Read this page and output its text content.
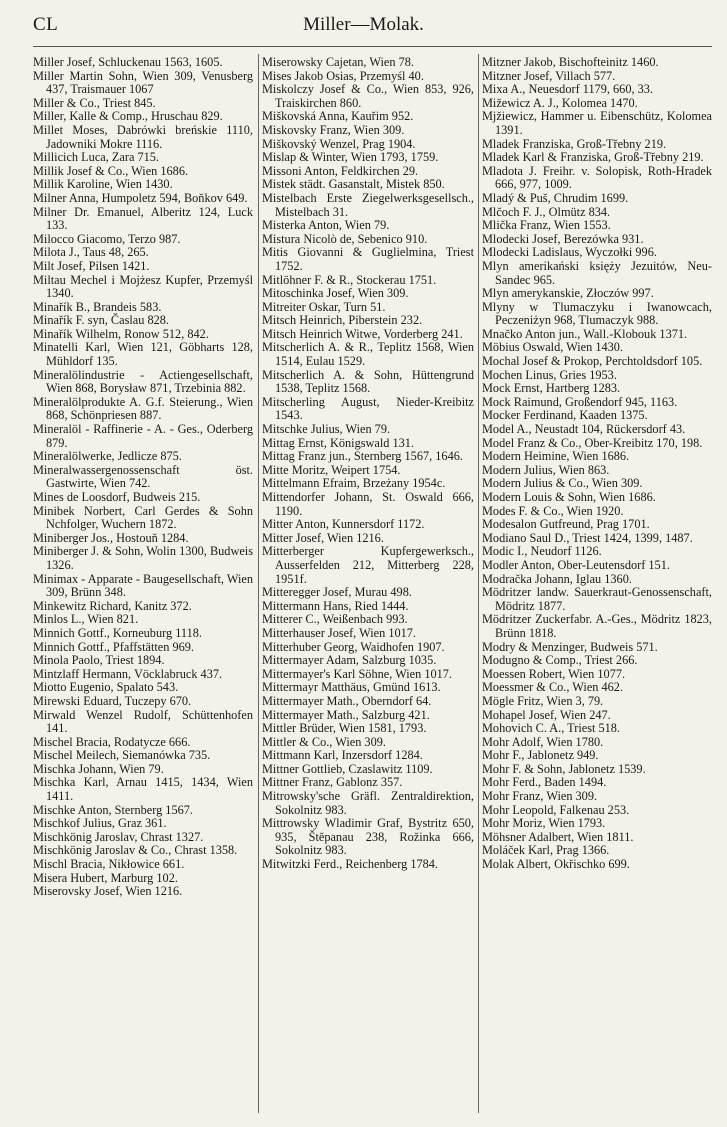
CL	Miller—Molak.
Miller Josef, Schluckenau 1563, 1605.
Miller Martin Sohn, Wien 309, Venusberg 437, Traismauer 1067
Miller & Co., Triest 845.
Miller, Kalle & Comp., Hruschau 829.
Millet Moses, Dabrówki breńskie 1110, Jadowniki Mokre 1116.
Millicich Luca, Zara 715.
Millik Josef & Co., Wien 1686.
Millik Karoline, Wien 1430.
Milner Anna, Humpoletz 594, Boňkov 649.
Milner Dr. Emanuel, Alberitz 124, Luck 133.
Milocco Giacomo, Terzo 987.
Milota J., Taus 48, 265.
Milt Josef, Pilsen 1421.
Miltau Mechel i Mojżesz Kupfer, Przemyśl 1340.
Minařík B., Brandeis 583.
Minařík F. syn, Časlau 828.
Minařík Wilhelm, Ronow 512, 842.
Minatelli Karl, Wien 121, Göbharts 128, Mühldorf 135.
Mineralölindustrie - Actiengesellschaft, Wien 868, Borysław 871, Trzebinia 882.
Mineralölprodukte A. G.f. Steierung., Wien 868, Schönpriesen 887.
Mineralöl - Raffinerie - A. - Ges., Oderberg 879.
Mineralölwerke, Jedlicze 875.
Mineralwassergenossenschaft öst. Gastwirte, Wien 742.
Mines de Loosdorf, Budweis 215.
Minibek Norbert, Carl Gerdes & Sohn Nchfolger, Wuchern 1872.
Miniberger Jos., Hostouň 1284.
Miniberger J. & Sohn, Wolin 1300, Budweis 1326.
Minimax - Apparate - Baugesellschaft, Wien 309, Brünn 348.
Minkewitz Richard, Kanitz 372.
Minlos L., Wien 821.
Minnich Gottf., Korneuburg 1118.
Minnich Gottf., Pfaffstätten 969.
Minola Paolo, Triest 1894.
Mintzlaff Hermann, Vöcklabruck 437.
Miotto Eugenio, Spalato 543.
Mirewski Eduard, Tuczepy 670.
Mirwald Wenzel Rudolf, Schüttenhofen 141.
Mischel Bracia, Rodatycze 666.
Mischel Meilech, Siemanówka 735.
Mischka Johann, Wien 79.
Mischka Karl, Arnau 1415, 1434, Wien 1411.
Mischke Anton, Sternberg 1567.
Mischkof Julius, Graz 361.
Mischkönig Jaroslav, Chrast 1327.
Mischkönig Jaroslav & Co., Chrast 1358.
Mischl Bracia, Nikłowice 661.
Misera Hubert, Marburg 102.
Miserovsky Josef, Wien 1216.
Miserowsky Cajetan, Wien 78.
Mises Jakob Osias, Przemyśl 40.
Miskolczy Josef & Co., Wien 853, 926, Traiskirchen 860.
Miškovská Anna, Kauřim 952.
Miskovsky Franz, Wien 309.
Miškovský Wenzel, Prag 1904.
Mislap & Winter, Wien 1793, 1759.
Missoni Anton, Feldkirchen 29.
Mistek städt. Gasanstalt, Mistek 850.
Mistelbach Erste Ziegelwerksgesellsch., Mistelbach 31.
Misterka Anton, Wien 79.
Mistura Nicolò de, Sebenico 910.
Mitis Giovanni & Guglielmina, Triest 1752.
Mitlöhner F. & R., Stockerau 1751.
Mitoschinka Josef, Wien 309.
Mitreiter Oskar, Turn 51.
Mitsch Heinrich, Piberstein 232.
Mitsch Heinrich Witwe, Vorderberg 241.
Mitscherlich A. & R., Teplitz 1568, Wien 1514, Eulau 1529.
Mitscherlich A. & Sohn, Hüttengrund 1538, Teplitz 1568.
Mitscherling August, Nieder-Kreibitz 1543.
Mitschke Julius, Wien 79.
Mittag Ernst, Königswald 131.
Mittag Franz jun., Sternberg 1567, 1646.
Mitte Moritz, Weipert 1754.
Mittelmann Efraim, Brzeżany 1954c.
Mittendorfer Johann, St. Oswald 666, 1190.
Mitter Anton, Kunnersdorf 1172.
Mitter Josef, Wien 1216.
Mitterberger Kupfergewerksch., Ausserfelden 212, Mitterberg 228, 1951f.
Mitteregger Josef, Murau 498.
Mittermann Hans, Ried 1444.
Mitterer C., Weißenbach 993.
Mitterhauser Josef, Wien 1017.
Mitterhuber Georg, Waidhofen 1907.
Mittermayer Adam, Salzburg 1035.
Mittermayer's Karl Söhne, Wien 1017.
Mittermayr Matthäus, Gmünd 1613.
Mittermayer Math., Oberndorf 64.
Mittermayer Math., Salzburg 421.
Mittler Brüder, Wien 1581, 1793.
Mittler & Co., Wien 309.
Mittmann Karl, Inzersdorf 1284.
Mittner Gottlieb, Czaslawitz 1109.
Mittner Franz, Gablonz 357.
Mitrowsky'sche Gräfl. Zentraldirektion, Sokolnitz 983.
Mittrowsky Wladimir Graf, Bystritz 650, 935, Štěpanau 238, Rožinka 666, Sokolnitz 983.
Mitwitzki Ferd., Reichenberg 1784.
Mitzner Jakob, Bischofteinitz 1460.
Mitzner Josef, Villach 577.
Mixa A., Neuesdorf 1179, 660, 33.
Mižewicz A. J., Kolomea 1470.
Mjžiewicz, Hammer u. Eibenschütz, Kolomea 1391.
Mladek Franziska, Groß-Třebny 219.
Mladek Karl & Franziska, Groß-Třebny 219.
Mladota J. Freihr. v. Solopisk, Roth-Hradek 666, 977, 1009.
Mladý & Puš, Chrudim 1699.
Mlčoch F. J., Olmütz 834.
Mlička Franz, Wien 1553.
Mlodecki Josef, Berezówka 931.
Mlodecki Ladislaus, Wyczołki 996.
Mlyn amerikański księży Jezuitów, Neu-Sandec 965.
Mlyn amerykanskie, Złoczów 997.
Mlyny w Tlumaczyku i Iwanowcach, Peczeniżyn 968, Tlumaczyk 988.
Mnačko Anton jun., Wall.-Klobouk 1371.
Möbius Oswald, Wien 1430.
Mochal Josef & Prokop, Perchtoldsdorf 105.
Mochen Linus, Gries 1953.
Mock Ernst, Hartberg 1283.
Mock Raimund, Großendorf 945, 1163.
Mocker Ferdinand, Kaaden 1375.
Model A., Neustadt 104, Rückersdorf 43.
Model Franz & Co., Ober-Kreibitz 170, 198.
Modern Heimine, Wien 1686.
Modern Julius, Wien 863.
Modern Julius & Co., Wien 309.
Modern Louis & Sohn, Wien 1686.
Modes F. & Co., Wien 1920.
Modesalon Gutfreund, Prag 1701.
Modiano Saul D., Triest 1424, 1399, 1487.
Modic I., Neudorf 1126.
Modler Anton, Ober-Leutensdorf 151.
Modračka Johann, Iglau 1360.
Mödritzer landw. Sauerkraut-Genossenschaft, Mödritz 1877.
Mödritzer Zuckerfabr. A.-Ges., Mödritz 1823, Brünn 1818.
Modry & Menzinger, Budweis 571.
Modugno & Comp., Triest 266.
Moessen Robert, Wien 1077.
Moessmer & Co., Wien 462.
Mögle Fritz, Wien 3, 79.
Mohapel Josef, Wien 247.
Mohovich C. A., Triest 518.
Mohr Adolf, Wien 1780.
Mohr F., Jablonetz 949.
Mohr F. & Sohn, Jablonetz 1539.
Mohr Ferd., Baden 1494.
Mohr Franz, Wien 309.
Mohr Leopold, Falkenau 253.
Mohr Moriz, Wien 1793.
Möhsner Adalbert, Wien 1811.
Moláček Karl, Prag 1366.
Molak Albert, Okřischko 699.
